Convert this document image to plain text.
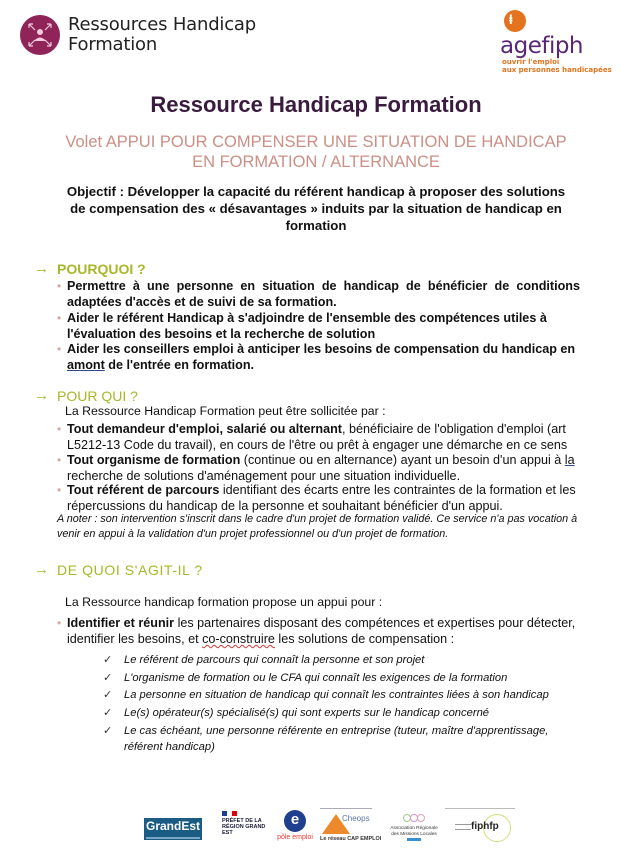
Ressources Handicap
Formation
ⱡ
agefiph
ouvrir l'emploi
aux personnes handicapées
Ressource Handicap Formation
Volet APPUI POUR COMPENSER UNE SITUATION DE HANDICAP EN FORMATION / ALTERNANCE
Objectif : Développer la capacité du référent handicap à proposer des solutions de compensation des « désavantages » induits par la situation de handicap en formation
→ POURQUOI ?
• Permettre à une personne en situation de handicap de bénéficier de conditions adaptées d'accès et de suivi de sa formation.
• Aider le référent Handicap à s'adjoindre de l'ensemble des compétences utiles à l'évaluation des besoins et la recherche de solution
• Aider les conseillers emploi à anticiper les besoins de compensation du handicap en amont de l'entrée en formation.
→ POUR QUI ?
La Ressource Handicap Formation peut être sollicitée par :
• Tout demandeur d'emploi, salarié ou alternant, bénéficiaire de l'obligation d'emploi (art L5212-13 Code du travail), en cours de l'être ou prêt à engager une démarche en ce sens
• Tout organisme de formation (continue ou en alternance) ayant un besoin d'un appui à la recherche de solutions d'aménagement pour une situation individuelle.
• Tout référent de parcours identifiant des écarts entre les contraintes de la formation et les répercussions du handicap de la personne et souhaitant bénéficier d'un appui.
A noter : son intervention s'inscrit dans le cadre d'un projet de formation validé. Ce service n'a pas vocation à venir en appui à la validation d'un projet professionnel ou d'un projet de formation.
→ DE QUOI S'AGIT-IL ?
La Ressource handicap formation propose un appui pour :
• Identifier et réunir les partenaires disposant des compétences et expertises pour détecter, identifier les besoins, et co-construire les solutions de compensation :
✓ Le référent de parcours qui connaît la personne et son projet
✓ L'organisme de formation ou le CFA qui connaît les exigences de la formation
✓ La personne en situation de handicap qui connaît les contraintes liées à son handicap
✓ Le(s) opérateur(s) spécialisé(s) qui sont experts sur le handicap concerné
✓ Le cas échéant, une personne référente en entreprise (tuteur, maître d'apprentissage, référent handicap)
GrandEst	PRÉFET DE LA RÉGION GRAND EST
e
pôle emploi
Cheops
Le réseau CAP EMPLOI
Association Régionale des Missions Locales
fiphfp
